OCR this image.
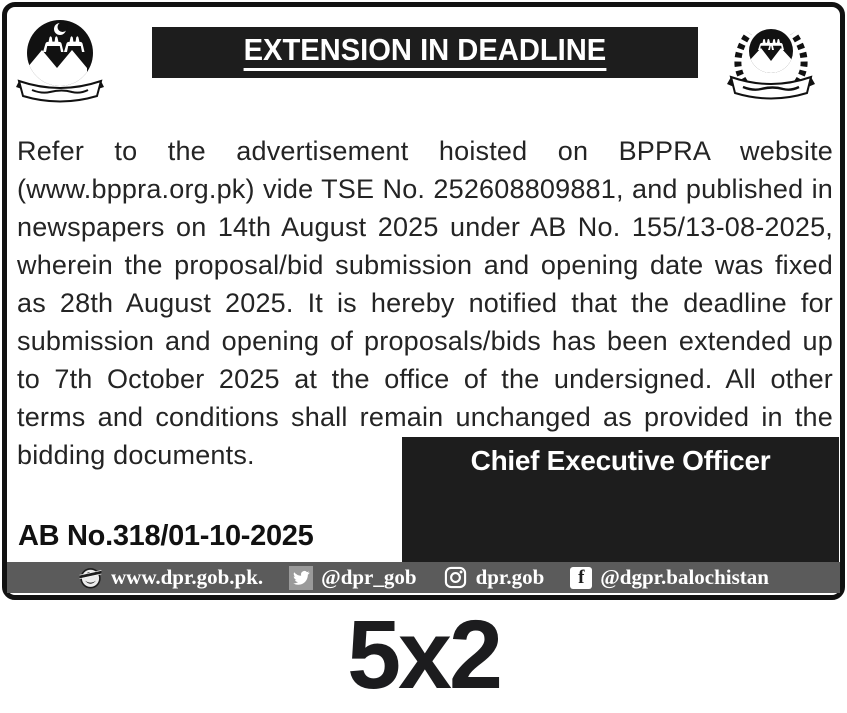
EXTENSION IN DEADLINE

Refer to the advertisement hoisted on BPPRA website (www.bppra.org.pk) vide TSE No. 252608809881, and published in newspapers on 14th August 2025 under AB No. 155/13-08-2025, wherein the proposal/bid submission and opening date was fixed as 28th August 2025. It is hereby notified that the deadline for submission and opening of proposals/bids has been extended up to 7th October 2025 at the office of the undersigned. All other terms and conditions shall remain unchanged as provided in the bidding documents.	Chief Executive Officer
AB No.318/01-10-2025
www.dpr.gob.pk.	@dpr_gob	dpr.gob	f @dgpr.balochistan
5x2
